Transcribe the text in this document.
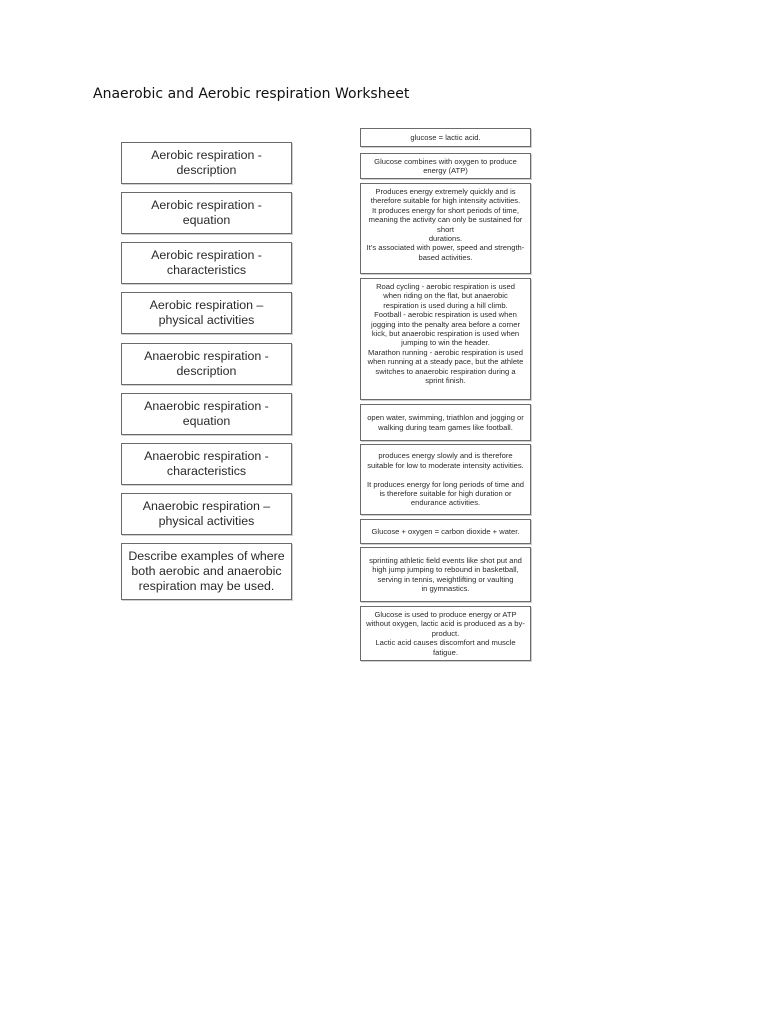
Anaerobic and Aerobic respiration Worksheet
Aerobic respiration - description
Aerobic respiration - equation
Aerobic respiration - characteristics
Aerobic respiration – physical activities
Anaerobic respiration - description
Anaerobic respiration - equation
Anaerobic respiration - characteristics
Anaerobic respiration – physical activities
Describe examples of where both aerobic and anaerobic respiration may be used.
glucose = lactic acid.
Glucose combines with oxygen to produce energy (ATP)
Produces energy extremely quickly and is therefore suitable for high intensity activities.
It produces energy for short periods of time, meaning the activity can only be sustained for short
durations.
It's associated with power, speed and strength-based activities.
Road cycling - aerobic respiration is used when riding on the flat, but anaerobic respiration is used during a hill climb.
Football - aerobic respiration is used when jogging into the penalty area before a corner kick, but anaerobic respiration is used when jumping to win the header.
Marathon running - aerobic respiration is used when running at a steady pace, but the athlete switches to anaerobic respiration during a sprint finish.
open water, swimming, triathlon and jogging or walking during team games like football.
produces energy slowly and is therefore suitable for low to moderate intensity activities.

It produces energy for long periods of time and is therefore suitable for high duration or endurance activities.
Glucose + oxygen = carbon dioxide + water.
sprinting athletic field events like shot put and high jump jumping to rebound in basketball, serving in tennis, weightlifting or vaulting
in gymnastics.
Glucose is used to produce energy or ATP without oxygen, lactic acid is produced as a by-product.
Lactic acid causes discomfort and muscle fatigue.
